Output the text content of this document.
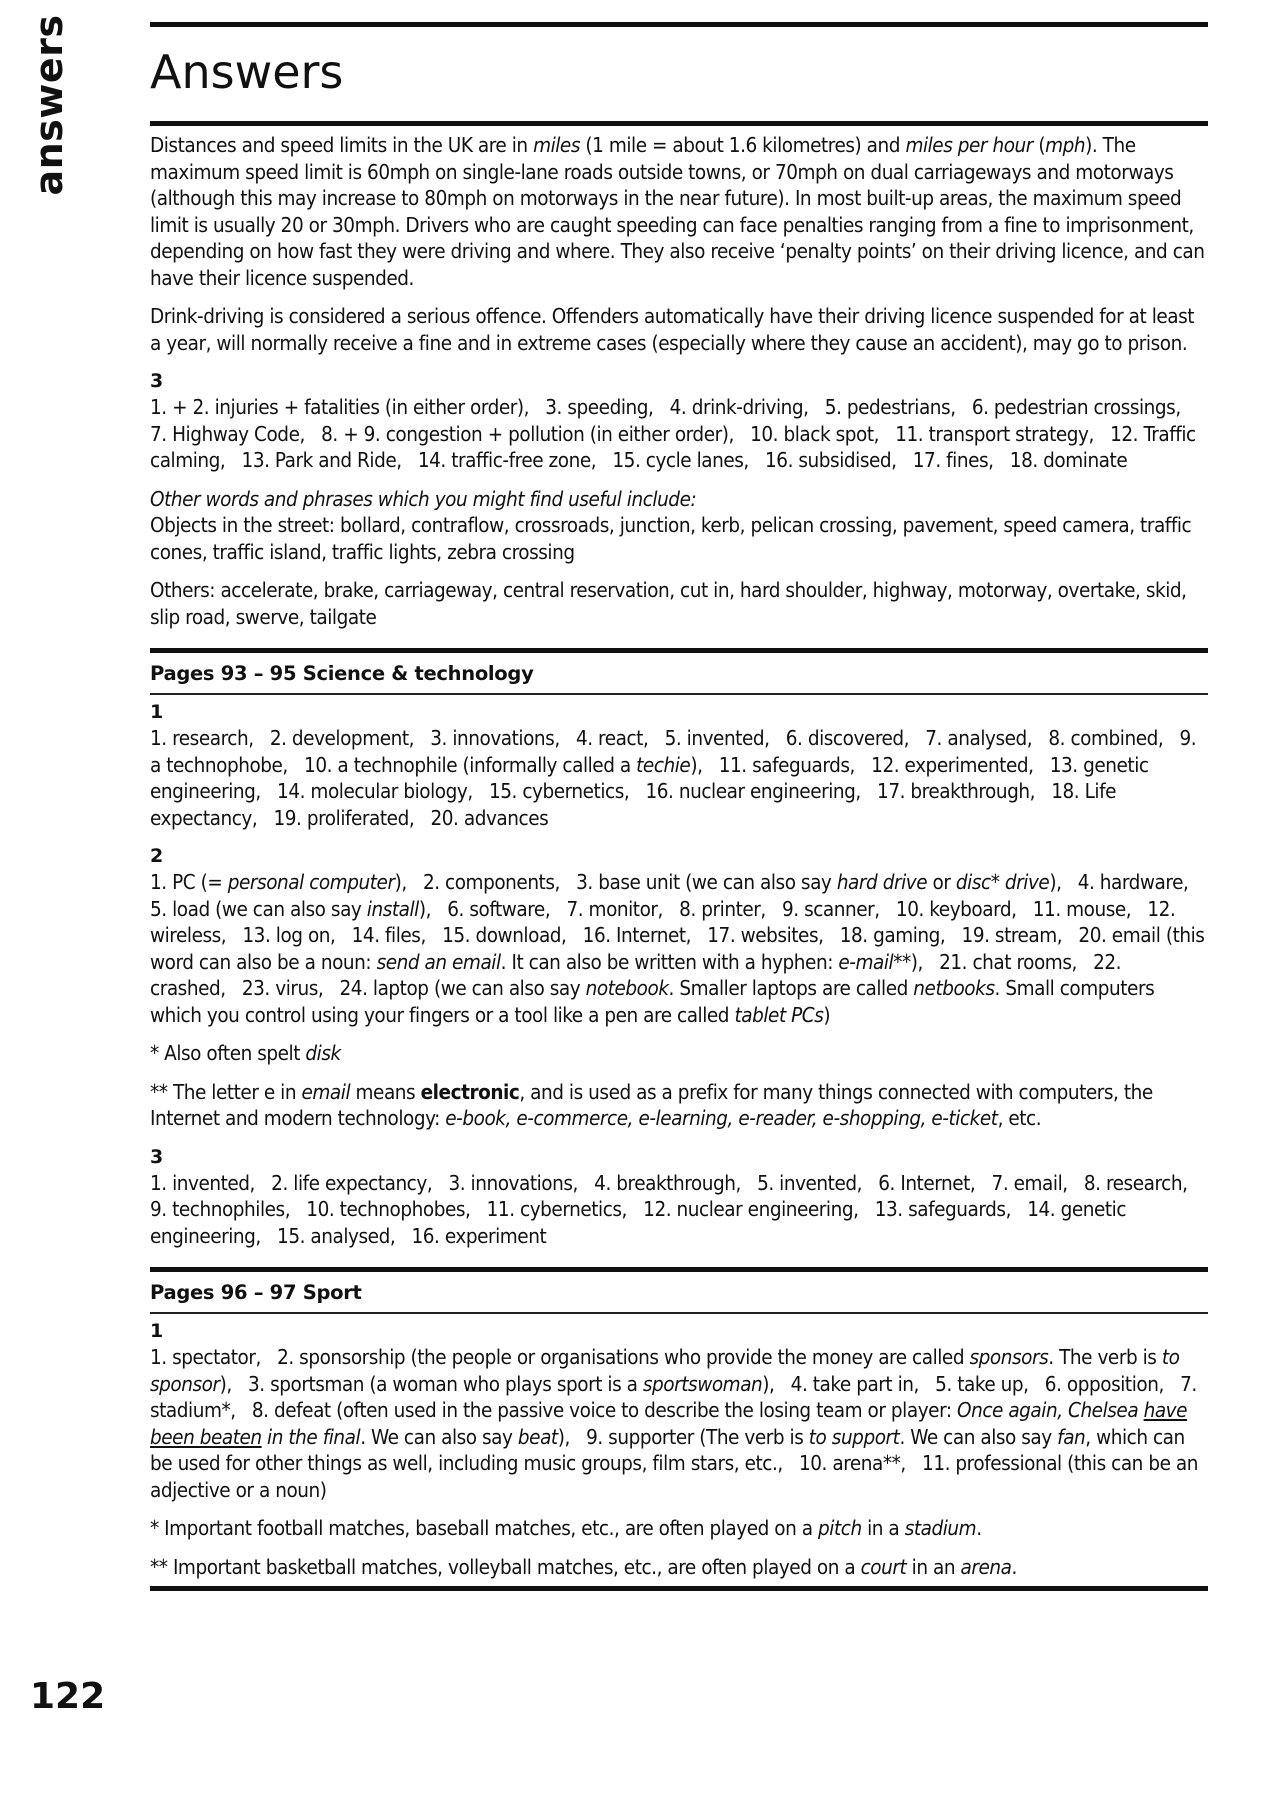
answers
122
Answers

Distances and speed limits in the UK are in miles (1 mile = about 1.6 kilometres) and miles per hour (mph). The maximum speed limit is 60mph on single-lane roads outside towns, or 70mph on dual carriageways and motorways (although this may increase to 80mph on motorways in the near future). In most built-up areas, the maximum speed limit is usually 20 or 30mph. Drivers who are caught speeding can face penalties ranging from a fine to imprisonment, depending on how fast they were driving and where. They also receive ‘penalty points’ on their driving licence, and can have their licence suspended.

Drink-driving is considered a serious offence. Offenders automatically have their driving licence suspended for at least a year, will normally receive a fine and in extreme cases (especially where they cause an accident), may go to prison.

3

1. + 2. injuries + fatalities (in either order),   3. speeding,   4. drink-driving,   5. pedestrians,   6. pedestrian crossings,   7. Highway Code,   8. + 9. congestion + pollution (in either order),   10. black spot,   11. transport strategy,   12. Traffic calming,   13. Park and Ride,   14. traffic-free zone,   15. cycle lanes,   16. subsidised,   17. fines,   18. dominate

Other words and phrases which you might find useful include:

Objects in the street: bollard, contraflow, crossroads, junction, kerb, pelican crossing, pavement, speed camera, traffic cones, traffic island, traffic lights, zebra crossing

Others: accelerate, brake, carriageway, central reservation, cut in, hard shoulder, highway, motorway, overtake, skid, slip road, swerve, tailgate

Pages 93 – 95 Science & technology
1

1. research,   2. development,   3. innovations,   4. react,   5. invented,   6. discovered,   7. analysed,   8. combined,   9. a technophobe,   10. a technophile (informally called a techie),   11. safeguards,   12. experimented,   13. genetic engineering,   14. molecular biology,   15. cybernetics,   16. nuclear engineering,   17. breakthrough,   18. Life expectancy,   19. proliferated,   20. advances

2

1. PC (= personal computer),   2. components,   3. base unit (we can also say hard drive or disc* drive),   4. hardware,   5. load (we can also say install),   6. software,   7. monitor,   8. printer,   9. scanner,   10. keyboard,   11. mouse,   12. wireless,   13. log on,   14. files,   15. download,   16. Internet,   17. websites,   18. gaming,   19. stream,   20. email (this word can also be a noun: send an email. It can also be written with a hyphen: e-mail**),   21. chat rooms,   22. crashed,   23. virus,   24. laptop (we can also say notebook. Smaller laptops are called netbooks. Small computers which you control using your fingers or a tool like a pen are called tablet PCs)

* Also often spelt disk

** The letter e in email means electronic, and is used as a prefix for many things connected with computers, the Internet and modern technology: e-book, e-commerce, e-learning, e-reader, e-shopping, e-ticket, etc.

3

1. invented,   2. life expectancy,   3. innovations,   4. breakthrough,   5. invented,   6. Internet,   7. email,   8. research,   9. technophiles,   10. technophobes,   11. cybernetics,   12. nuclear engineering,   13. safeguards,   14. genetic engineering,   15. analysed,   16. experiment

Pages 96 – 97 Sport
1

1. spectator,   2. sponsorship (the people or organisations who provide the money are called sponsors. The verb is to sponsor),   3. sportsman (a woman who plays sport is a sportswoman),   4. take part in,   5. take up,   6. opposition,   7. stadium*,   8. defeat (often used in the passive voice to describe the losing team or player: Once again, Chelsea have been beaten in the final. We can also say beat),   9. supporter (The verb is to support. We can also say fan, which can be used for other things as well, including music groups, film stars, etc.,   10. arena**,   11. professional (this can be an adjective or a noun)

* Important football matches, baseball matches, etc., are often played on a pitch in a stadium.

** Important basketball matches, volleyball matches, etc., are often played on a court in an arena.
